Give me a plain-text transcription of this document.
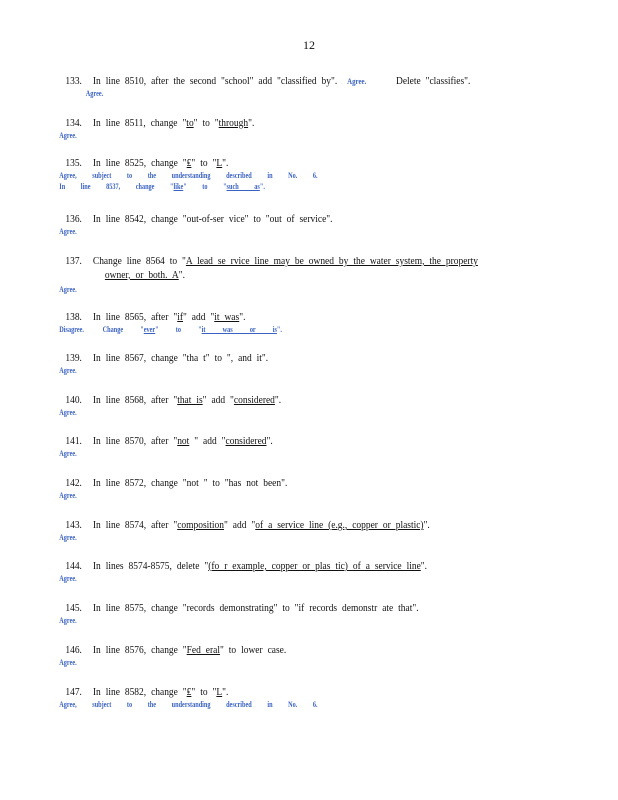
12
133. In line 8510, after the second "school" add "classified by". Agree.	Delete "classifies".
Agree.
134. In line 8511, change "to" to "through".
Agree.
135. In line 8525, change "₤" to "L".
Agree, subject to the understanding described in No. 6.
In line 8537, change "like" to "such as".
136. In line 8542, change "out-of-ser vice" to "out of service".
Agree.
137. Change line 8564 to "A lead se rvice line may be owned by the water system, the property
owner, or both. A".
Agree.
138. In line 8565, after "if" add "it was".
Disagree. Change "ever" to "it was or is".
139. In line 8567, change "tha t" to ", and it".
Agree.
140. In line 8568, after "that is" add "considered".
Agree.
141. In line 8570, after "not " add "considered".
Agree.
142. In line 8572, change "not " to "has not been".
Agree.
143. In line 8574, after "composition" add "of a service line (e.g., copper or plastic)".
Agree.
144. In lines 8574-8575, delete "(fo r example, copper or plas tic) of a service line".
Agree.
145. In line 8575, change "records demonstrating" to "if records demonstr ate that".
Agree.
146. In line 8576, change "Fed eral" to lower case.
Agree.
147. In line 8582, change "₤" to "L".
Agree, subject to the understanding described in No. 6.
